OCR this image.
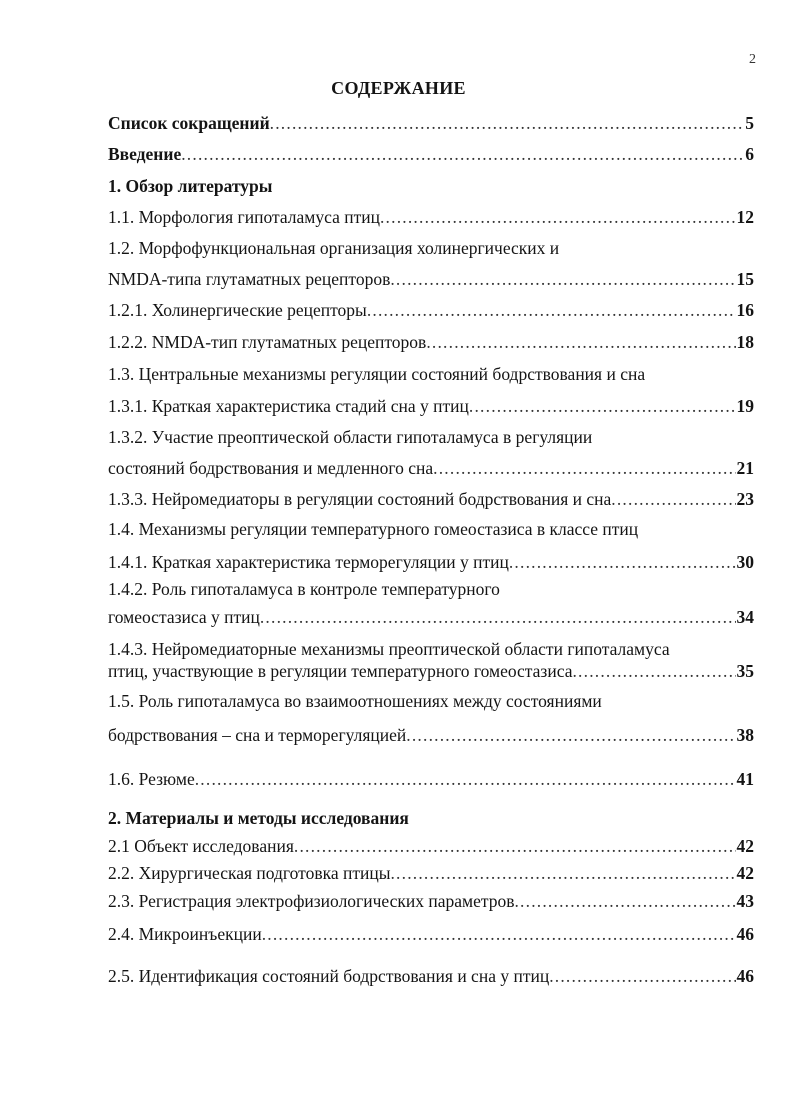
2
СОДЕРЖАНИЕ
Список сокращений .....	5
Введение .....	6
1. Обзор литературы
1.1. Морфология гипоталамуса птиц .....	12
1.2. Морфофункциональная организация холинергических и
NMDA-типа глутаматных рецепторов .....	15
1.2.1. Холинергические рецепторы .....	16
1.2.2. NMDA-тип глутаматных рецепторов .....	18
1.3. Центральные механизмы регуляции состояний бодрствования и сна
1.3.1. Краткая характеристика стадий сна у птиц .....	19
1.3.2. Участие преоптической области гипоталамуса в регуляции
состояний бодрствования и медленного сна .....	21
1.3.3. Нейромедиаторы в регуляции состояний бодрствования и сна .....	23
1.4. Механизмы регуляции температурного гомеостазиса в классе птиц
1.4.1. Краткая характеристика терморегуляции у птиц .....	30
1.4.2. Роль гипоталамуса в контроле температурного
гомеостазиса у птиц .....	34
1.4.3. Нейромедиаторные механизмы преоптической области гипоталамуса
птиц, участвующие в регуляции температурного гомеостазиса .....	35
1.5. Роль гипоталамуса во взаимоотношениях между состояниями
бодрствования – сна и терморегуляцией .....	38
1.6. Резюме .....	41
2. Материалы и методы исследования
2.1 Объект исследования .....	42
2.2. Хирургическая подготовка птицы .....	42
2.3. Регистрация электрофизиологических параметров .....	43
2.4. Микроинъекции .....	46
2.5. Идентификация состояний бодрствования и сна у птиц .....	46
